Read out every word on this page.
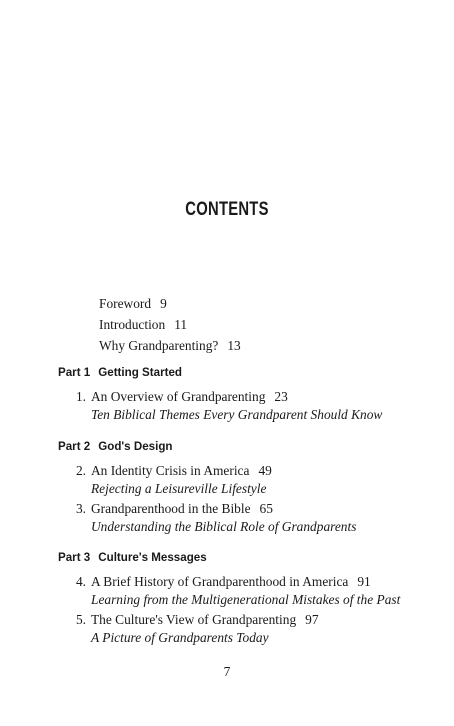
CONTENTS
Foreword 9
Introduction 11
Why Grandparenting? 13
Part 1 Getting Started
1. An Overview of Grandparenting 23
Ten Biblical Themes Every Grandparent Should Know
Part 2 God's Design
2. An Identity Crisis in America 49
Rejecting a Leisureville Lifestyle
3. Grandparenthood in the Bible 65
Understanding the Biblical Role of Grandparents
Part 3 Culture's Messages
4. A Brief History of Grandparenthood in America 91
Learning from the Multigenerational Mistakes of the Past
5. The Culture's View of Grandparenting 97
A Picture of Grandparents Today
7
